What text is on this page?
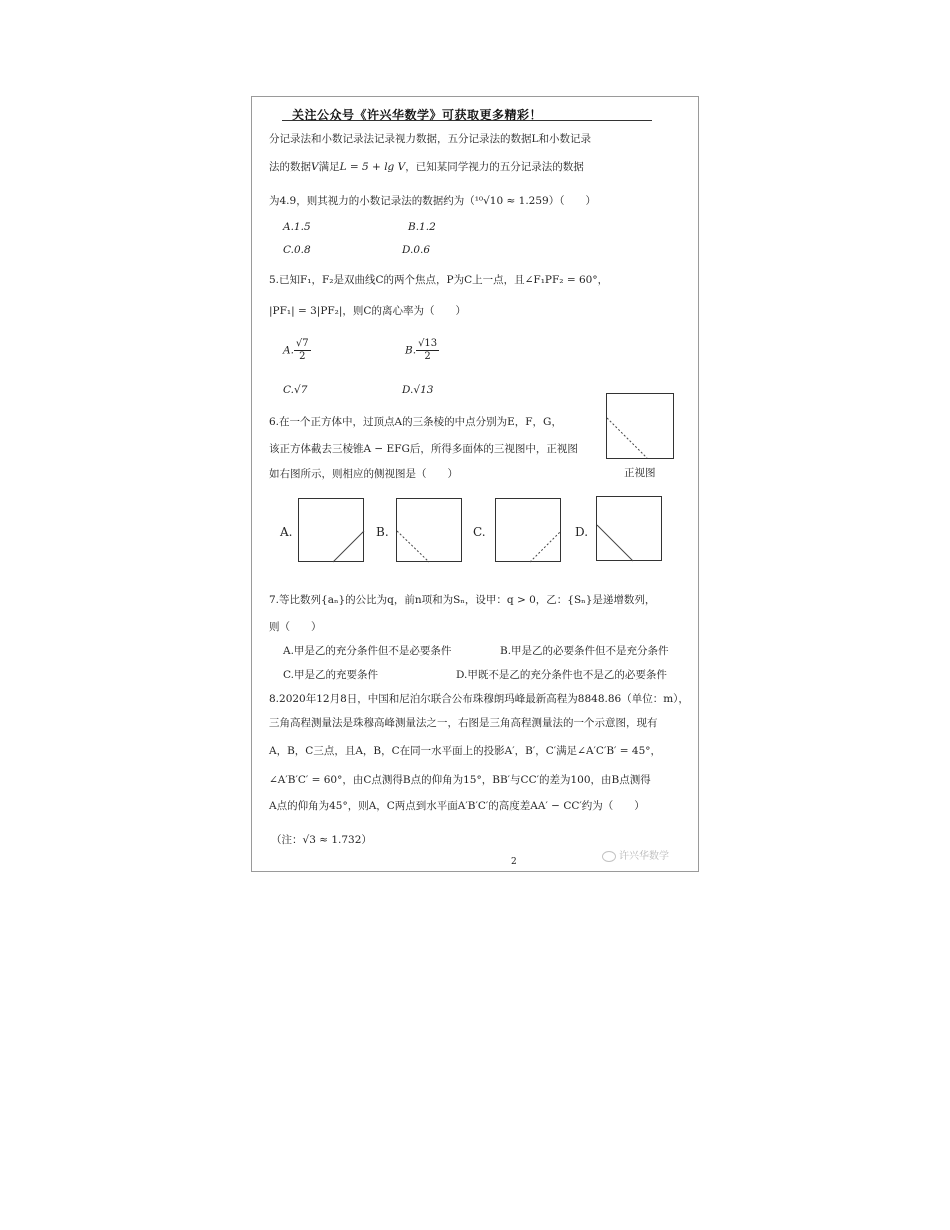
关注公众号《许兴华数学》可获取更多精彩！
分记录法和小数记录法记录视力数据，五分记录法的数据L和小数记录
法的数据V满足L = 5 + lg V，已知某同学视力的五分记录法的数据
为4.9，则其视力的小数记录法的数据约为（¹⁰√10 ≈ 1.259）（　　）
A.1.5	B.1.2
C.0.8	D.0.6
5.已知F₁，F₂是双曲线C的两个焦点，P为C上一点，且∠F₁PF₂ = 60°，
|PF₁| = 3|PF₂|，则C的离心率为（　　）
A. $\frac{√7}{2}$	B. $\frac{√13}{2}$
C.√7	D.√13
6.在一个正方体中，过顶点A的三条棱的中点分别为E，F，G，
该正方体截去三棱锥A − EFG后，所得多面体的三视图中，正视图
如右图所示，则相应的侧视图是（　　）	正视图
A.	B.	C.	D.
7.等比数列{aₙ}的公比为q，前n项和为Sₙ，设甲：q > 0，乙：{Sₙ}是递增数列，
则（　　）
A.甲是乙的充分条件但不是必要条件	B.甲是乙的必要条件但不是充分条件
C.甲是乙的充要条件	D.甲既不是乙的充分条件也不是乙的必要条件
8.2020年12月8日，中国和尼泊尔联合公布珠穆朗玛峰最新高程为8848.86（单位：m），
三角高程测量法是珠穆高峰测量法之一，右图是三角高程测量法的一个示意图，现有
A，B，C三点，且A，B，C在同一水平面上的投影A′，B′，C′满足∠A′C′B′ = 45°，
∠A′B′C′ = 60°，由C点测得B点的仰角为15°，BB′与CC′的差为100，由B点测得
A点的仰角为45°，则A，C两点到水平面A′B′C′的高度差AA′ − CC′约为（　　）
（注：√3 ≈ 1.732）
许兴华数学
2
